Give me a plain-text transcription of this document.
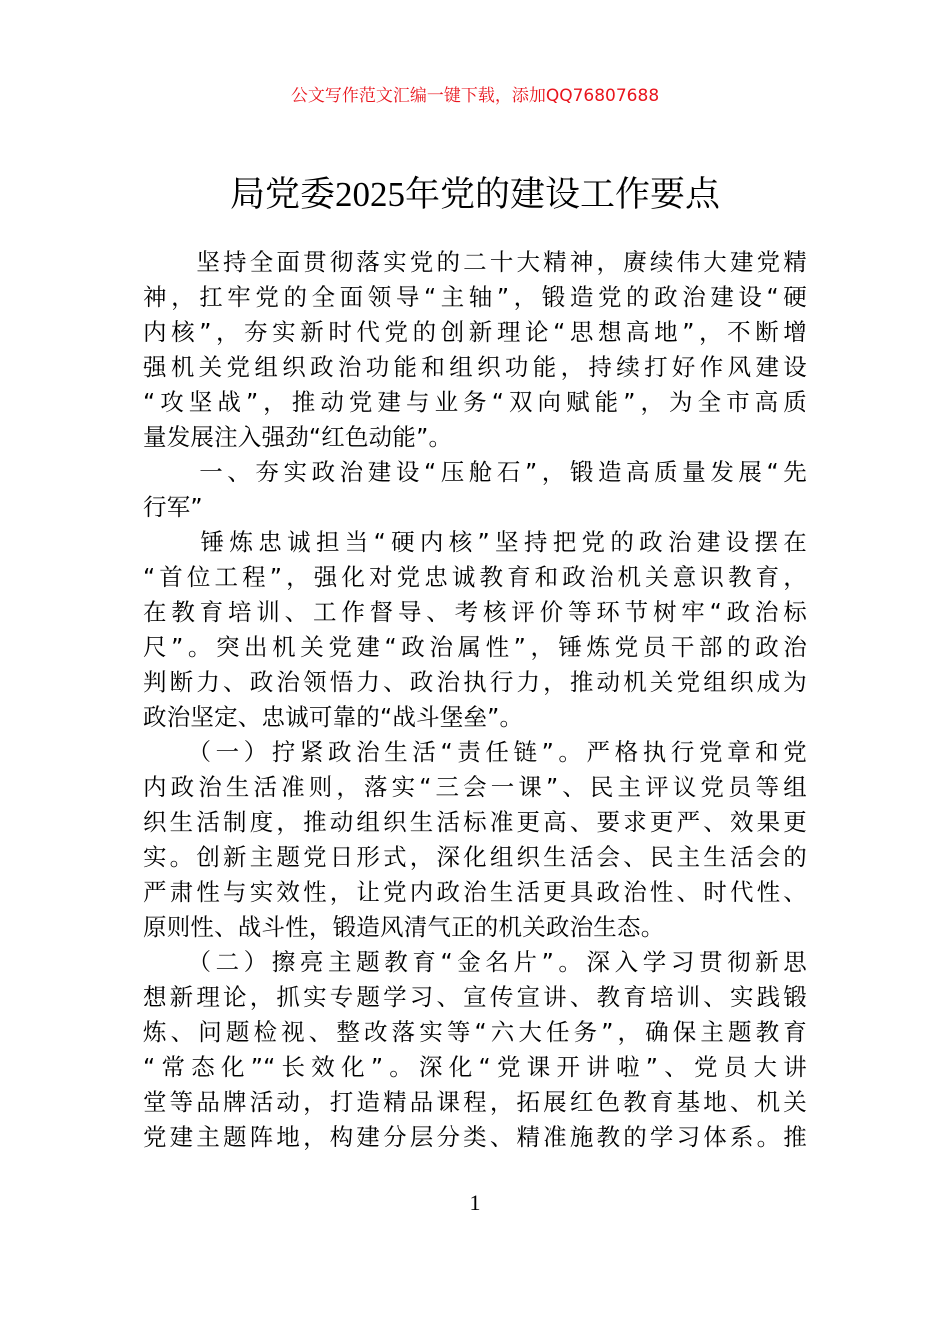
公文写作范文汇编一键下载，添加QQ76807688
局党委2025年党的建设工作要点
　　坚持全面贯彻落实党的二十大精神，赓续伟大建党精
神，扛牢党的全面领导“主轴”，锻造党的政治建设“硬
内核”，夯实新时代党的创新理论“思想高地”，不断增
强机关党组织政治功能和组织功能，持续打好作风建设
“攻坚战”，推动党建与业务“双向赋能”，为全市高质
量发展注入强劲“红色动能”。
　　一、夯实政治建设“压舱石”，锻造高质量发展“先
行军”
　　锤炼忠诚担当“硬内核”坚持把党的政治建设摆在
“首位工程”，强化对党忠诚教育和政治机关意识教育，
在教育培训、工作督导、考核评价等环节树牢“政治标
尺”。突出机关党建“政治属性”，锤炼党员干部的政治
判断力、政治领悟力、政治执行力，推动机关党组织成为
政治坚定、忠诚可靠的“战斗堡垒”。
　　（一）拧紧政治生活“责任链”。严格执行党章和党
内政治生活准则，落实“三会一课”、民主评议党员等组
织生活制度，推动组织生活标准更高、要求更严、效果更
实。创新主题党日形式，深化组织生活会、民主生活会的
严肃性与实效性，让党内政治生活更具政治性、时代性、
原则性、战斗性，锻造风清气正的机关政治生态。
　　（二）擦亮主题教育“金名片”。深入学习贯彻新思
想新理论，抓实专题学习、宣传宣讲、教育培训、实践锻
炼、问题检视、整改落实等“六大任务”，确保主题教育
“常态化”“长效化”。深化“党课开讲啦”、党员大讲
堂等品牌活动，打造精品课程，拓展红色教育基地、机关
党建主题阵地，构建分层分类、精准施教的学习体系。推
1
